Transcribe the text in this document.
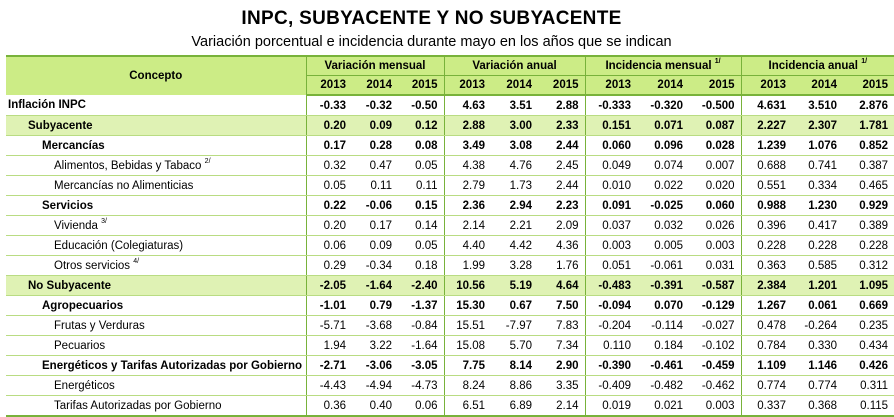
INPC, SUBYACENTE Y NO SUBYACENTE
Variación porcentual e incidencia durante mayo en los años que se indican
Concepto	Variación mensual			Variación anual			Incidencia mensual $^{1/}$			Incidencia anual $^{1/}$
	2013	2014	2015	2013	2014	2015	2013	2014	2015	2013	2014	2015
Inflación INPC	-0.33	-0.32	-0.50	4.63	3.51	2.88	-0.333	-0.320	-0.500	4.631	3.510	2.876
Subyacente	0.20	0.09	0.12	2.88	3.00	2.33	0.151	0.071	0.087	2.227	2.307	1.781
Mercancías	0.17	0.28	0.08	3.49	3.08	2.44	0.060	0.096	0.028	1.239	1.076	0.852
Alimentos, Bebidas y Tabaco $^{2/}$	0.32	0.47	0.05	4.38	4.76	2.45	0.049	0.074	0.007	0.688	0.741	0.387
Mercancías no Alimenticias	0.05	0.11	0.11	2.79	1.73	2.44	0.010	0.022	0.020	0.551	0.334	0.465
Servicios	0.22	-0.06	0.15	2.36	2.94	2.23	0.091	-0.025	0.060	0.988	1.230	0.929
Vivienda $^{3/}$	0.20	0.17	0.14	2.14	2.21	2.09	0.037	0.032	0.026	0.396	0.417	0.389
Educación (Colegiaturas)	0.06	0.09	0.05	4.40	4.42	4.36	0.003	0.005	0.003	0.228	0.228	0.228
Otros servicios $^{4/}$	0.29	-0.34	0.18	1.99	3.28	1.76	0.051	-0.061	0.031	0.363	0.585	0.312
No Subyacente	-2.05	-1.64	-2.40	10.56	5.19	4.64	-0.483	-0.391	-0.587	2.384	1.201	1.095
Agropecuarios	-1.01	0.79	-1.37	15.30	0.67	7.50	-0.094	0.070	-0.129	1.267	0.061	0.669
Frutas y Verduras	-5.71	-3.68	-0.84	15.51	-7.97	7.83	-0.204	-0.114	-0.027	0.478	-0.264	0.235
Pecuarios	1.94	3.22	-1.64	15.08	5.70	7.34	0.110	0.184	-0.102	0.784	0.330	0.434
Energéticos y Tarifas Autorizadas por Gobierno	-2.71	-3.06	-3.05	7.75	8.14	2.90	-0.390	-0.461	-0.459	1.109	1.146	0.426
Energéticos	-4.43	-4.94	-4.73	8.24	8.86	3.35	-0.409	-0.482	-0.462	0.774	0.774	0.311
Tarifas Autorizadas por Gobierno	0.36	0.40	0.06	6.51	6.89	2.14	0.019	0.021	0.003	0.337	0.368	0.115
